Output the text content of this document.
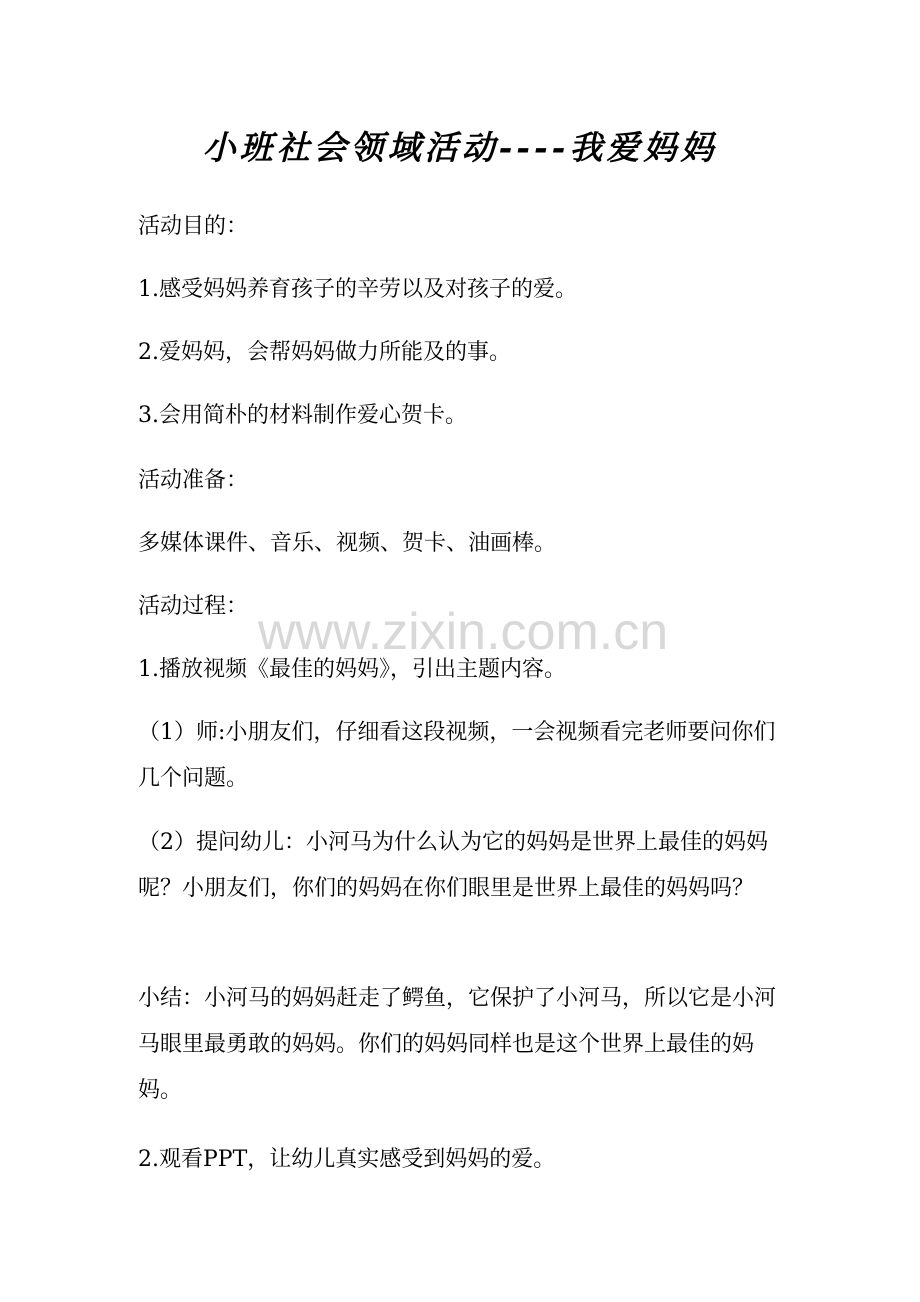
小班社会领域活动----我爱妈妈

活动目的：

1.感受妈妈养育孩子的辛劳以及对孩子的爱。

2.爱妈妈，会帮妈妈做力所能及的事。

3.会用简朴的材料制作爱心贺卡。

活动准备：

多媒体课件、音乐、视频、贺卡、油画棒。

活动过程：

1.播放视频《最佳的妈妈》，引出主题内容。

（1）师:小朋友们，仔细看这段视频，一会视频看完老师要问你们几个问题。

（2）提问幼儿：小河马为什么认为它的妈妈是世界上最佳的妈妈呢？小朋友们，你们的妈妈在你们眼里是世界上最佳的妈妈吗？

小结：小河马的妈妈赶走了鳄鱼，它保护了小河马，所以它是小河马眼里最勇敢的妈妈。你们的妈妈同样也是这个世界上最佳的妈妈。

2.观看PPT，让幼儿真实感受到妈妈的爱。

www.zixin.com.cn
